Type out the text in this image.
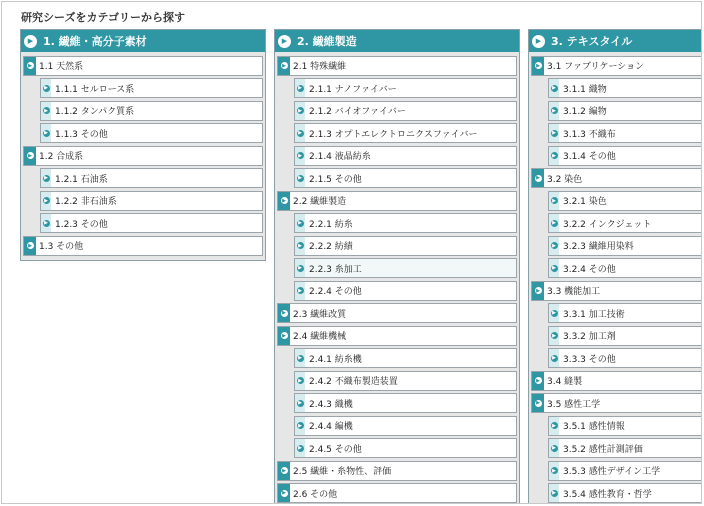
研究シーズをカテゴリーから探す
▶ 1. 繊維・高分子素材
▶ 1.1 天然系
▶ 1.1.1 セルロース系
▶ 1.1.2 タンパク質系
▶ 1.1.3 その他
▶ 1.2 合成系
▶ 1.2.1 石油系
▶ 1.2.2 非石油系
▶ 1.2.3 その他
▶ 1.3 その他
▶ 2. 繊維製造
▶ 2.1 特殊繊維
▶ 2.1.1 ナノファイバー
▶ 2.1.2 バイオファイバー
▶ 2.1.3 オプトエレクトロニクスファイバー
▶ 2.1.4 液晶紡糸
▶ 2.1.5 その他
▶ 2.2 繊維製造
▶ 2.2.1 紡糸
▶ 2.2.2 紡績
▶ 2.2.3 糸加工
▶ 2.2.4 その他
▶ 2.3 繊維改質
▶ 2.4 繊維機械
▶ 2.4.1 紡糸機
▶ 2.4.2 不織布製造装置
▶ 2.4.3 織機
▶ 2.4.4 編機
▶ 2.4.5 その他
▶ 2.5 繊維・糸物性、評価
▶ 2.6 その他
▶ 3. テキスタイル
▶ 3.1 ファブリケーション
▶ 3.1.1 織物
▶ 3.1.2 編物
▶ 3.1.3 不織布
▶ 3.1.4 その他
▶ 3.2 染色
▶ 3.2.1 染色
▶ 3.2.2 インクジェット
▶ 3.2.3 繊維用染料
▶ 3.2.4 その他
▶ 3.3 機能加工
▶ 3.3.1 加工技術
▶ 3.3.2 加工剤
▶ 3.3.3 その他
▶ 3.4 縫製
▶ 3.5 感性工学
▶ 3.5.1 感性情報
▶ 3.5.2 感性計測評価
▶ 3.5.3 感性デザイン工学
▶ 3.5.4 感性教育・哲学
